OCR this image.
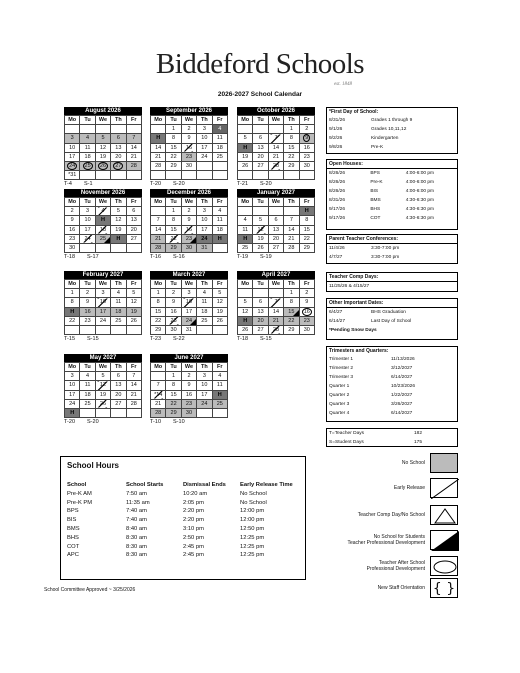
Biddeford Schools
est. 1848
2026-2027 School Calendar
August 2026
Mo	Tu	We	Th	Fr

3	4	5	6	7
10	11	12	13	14
17	18	19	20	21
24	25	26	27	28
*31				
T-4 S-1
September 2026
Mo	Tu	We	Th	Fr
	1	2	3	4
H	8	9	10	11
14	15	16	17	18
21	22	23	24	25
28	29	30		

T-20 S-20
October 2026
Mo	Tu	We	Th	Fr
			1	2
5	6	7	8	9
H	13	14	15	16
19	20	21	22	23
26	27	28	29	30

T-21 S-20
November 2026
Mo	Tu	We	Th	Fr
2	3	4	5	6
9	10	H	12	13
16	17	18	19	20
23	24	25	H	27
30				
T-18 S-17
December 2026
Mo	Tu	We	Th	Fr
	1	2	3	4
7	8	9	10	11
14	15	16	17	18
21	22	23	24	H
28	29	30	31	
T-16 S-16
January 2027
Mo	Tu	We	Th	Fr
				H
4	5	6	7	8
11	12	13	14	15
H	19	20	21	22
25	26	27	28	29
T-19 S-19
February 2027
Mo	Tu	We	Th	Fr
1	2	3	4	5
8	9	10	11	12
H	16	17	18	19
22	23	24	25	26

T-15 S-15
March 2027
Mo	Tu	We	Th	Fr
1	2	3	4	5
8	9	10	11	12
15	16	17	18	19
22	23	24	25	26
29	30	31		
T-23 S-22
April 2027
Mo	Tu	We	Th	Fr
			1	2
5	6	7	8	9
12	13	14	15	16
H	20	21	22	23
26	27	28	29	30
T-18 S-15
May 2027
Mo	Tu	We	Th	Fr
3	4	5	6	7
10	11	12	13	14
17	18	19	20	21
24	25	26	27	28
H				
T-20 S-20
June 2027
Mo	Tu	We	Th	Fr
	1	2	3	4
7	8	9	10	11
*14	15	16	17	H
21	22	23	24	25
28	29	30		
T-10 S-10
*First Day of School:
8/31/26	Grades 1 through 9
9/1/26	Grades 10,11,12
9/2/26	Kindergarten
9/8/26	Pre-K
Open Houses:
8/26/26	BPS	4:00-6:00 pm
8/26/26	Pre-K	4:00-6:00 pm
8/26/26	BIS	4:00-6:00 pm
8/31/26	BMS	4:30-6:30 pm
9/17/26	BHS	4:30-6:30 pm
9/17/26	COT	4:30-6:30 pm
Parent Teacher Conferences:
11/4/26	3:30-7:00 pm
4/7/27	3:30-7:00 pm
Teacher Comp Days:
11/25/26 & 4/15/27
Other Important Dates:
6/4/27	BHS Graduation
6/14/27	Last Day of School
*Pending Snow Days
Trimesters and Quarters:
Trimester 1	11/13/2026
Trimester 2	3/12/2027
Trimester 3	6/14/2027
Quarter 1	10/23/2026
Quarter 2	1/22/2027
Quarter 3	3/26/2027
Quarter 4	6/14/2027
T=Teacher Days	182
S=Student Days	175
School Hours
School	School Starts	Dismissal Ends	Early Release Time
Pre-K AM	7:50 am	10:20 am	No School
Pre-K PM	11:35 am	2:05 pm	No School
BPS	7:40 am	2:20 pm	12:00 pm
BIS	7:40 am	2:20 pm	12:00 pm
BMS	8:40 am	3:10 pm	12:50 pm
BHS	8:30 am	2:50 pm	12:25 pm
COT	8:30 am	2:45 pm	12:25 pm
APC	8:30 am	2:45 pm	12:25 pm
No School
Early Release
Teacher Comp Day/No School
No School for Students
Teacher Professional Development
Teacher After School
Professional Development
New Staff Orientation { }
School Committee Approved ~ 3/25/2026
